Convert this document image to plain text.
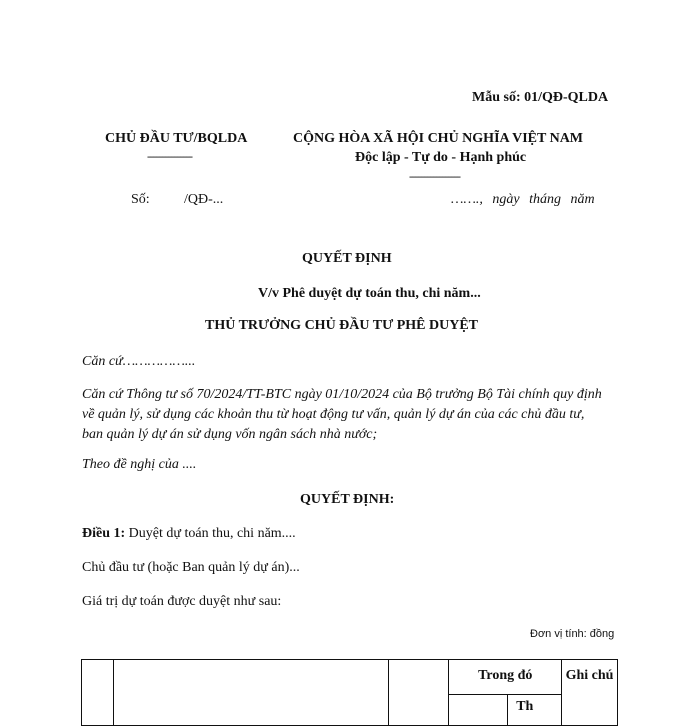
Mẫu số: 01/QĐ-QLDA
CHỦ ĐẦU TƯ/BQLDA
---------------
CỘNG HÒA XÃ HỘI CHỦ NGHĨA VIỆT NAM
Độc lập - Tự do - Hạnh phúc
-----------------
Số: /QĐ-...	……., ngày tháng năm
QUYẾT ĐỊNH
V/v Phê duyệt dự toán thu, chi năm...
THỦ TRƯỞNG CHỦ ĐẦU TƯ PHÊ DUYỆT
Căn cứ……………...
Căn cứ Thông tư số 70/2024/TT-BTC ngày 01/10/2024 của Bộ trưởng Bộ Tài chính quy định về quản lý, sử dụng các khoản thu từ hoạt động tư vấn, quản lý dự án của các chủ đầu tư, ban quản lý dự án sử dụng vốn ngân sách nhà nước;
Theo đề nghị của ....
QUYẾT ĐỊNH:
Điều 1: Duyệt dự toán thu, chi năm....
Chủ đầu tư (hoặc Ban quản lý dự án)...
Giá trị dự toán được duyệt như sau:
Đơn vị tính: đồng
			Trong đó		Ghi chú
				Th	
